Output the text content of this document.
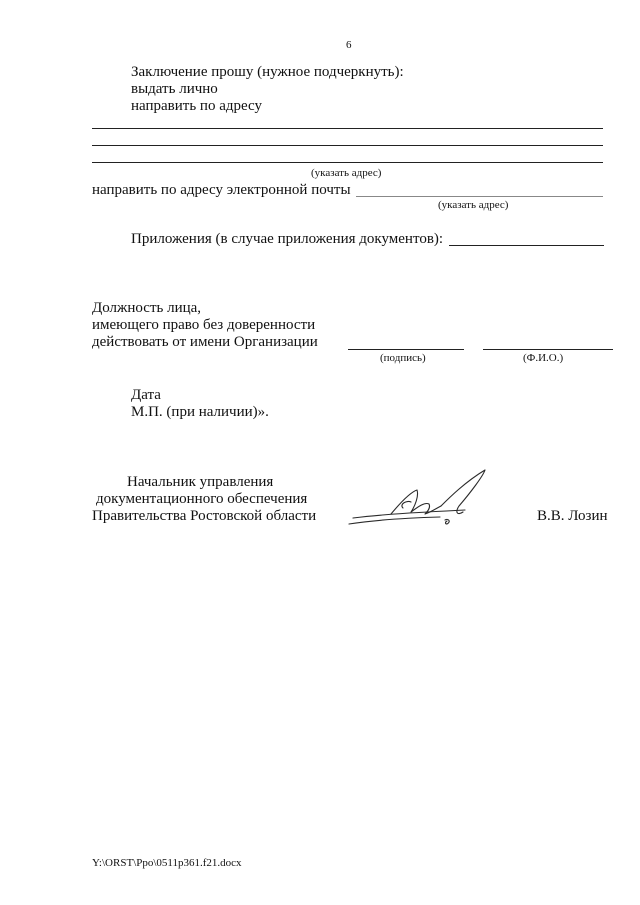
6
Заключение прошу (нужное подчеркнуть):
выдать лично
направить по адресу
(указать адрес)
направить по адресу электронной почты
(указать адрес)
Приложения (в случае приложения документов):
Должность лица,
имеющего право без доверенности
действовать от имени Организации
(подпись)	(Ф.И.О.)
Дата
М.П. (при наличии)».
Начальник управления
документационного обеспечения
Правительства Ростовской области	В.В. Лозин
Y:\ORST\Ppo\0511p361.f21.docx
